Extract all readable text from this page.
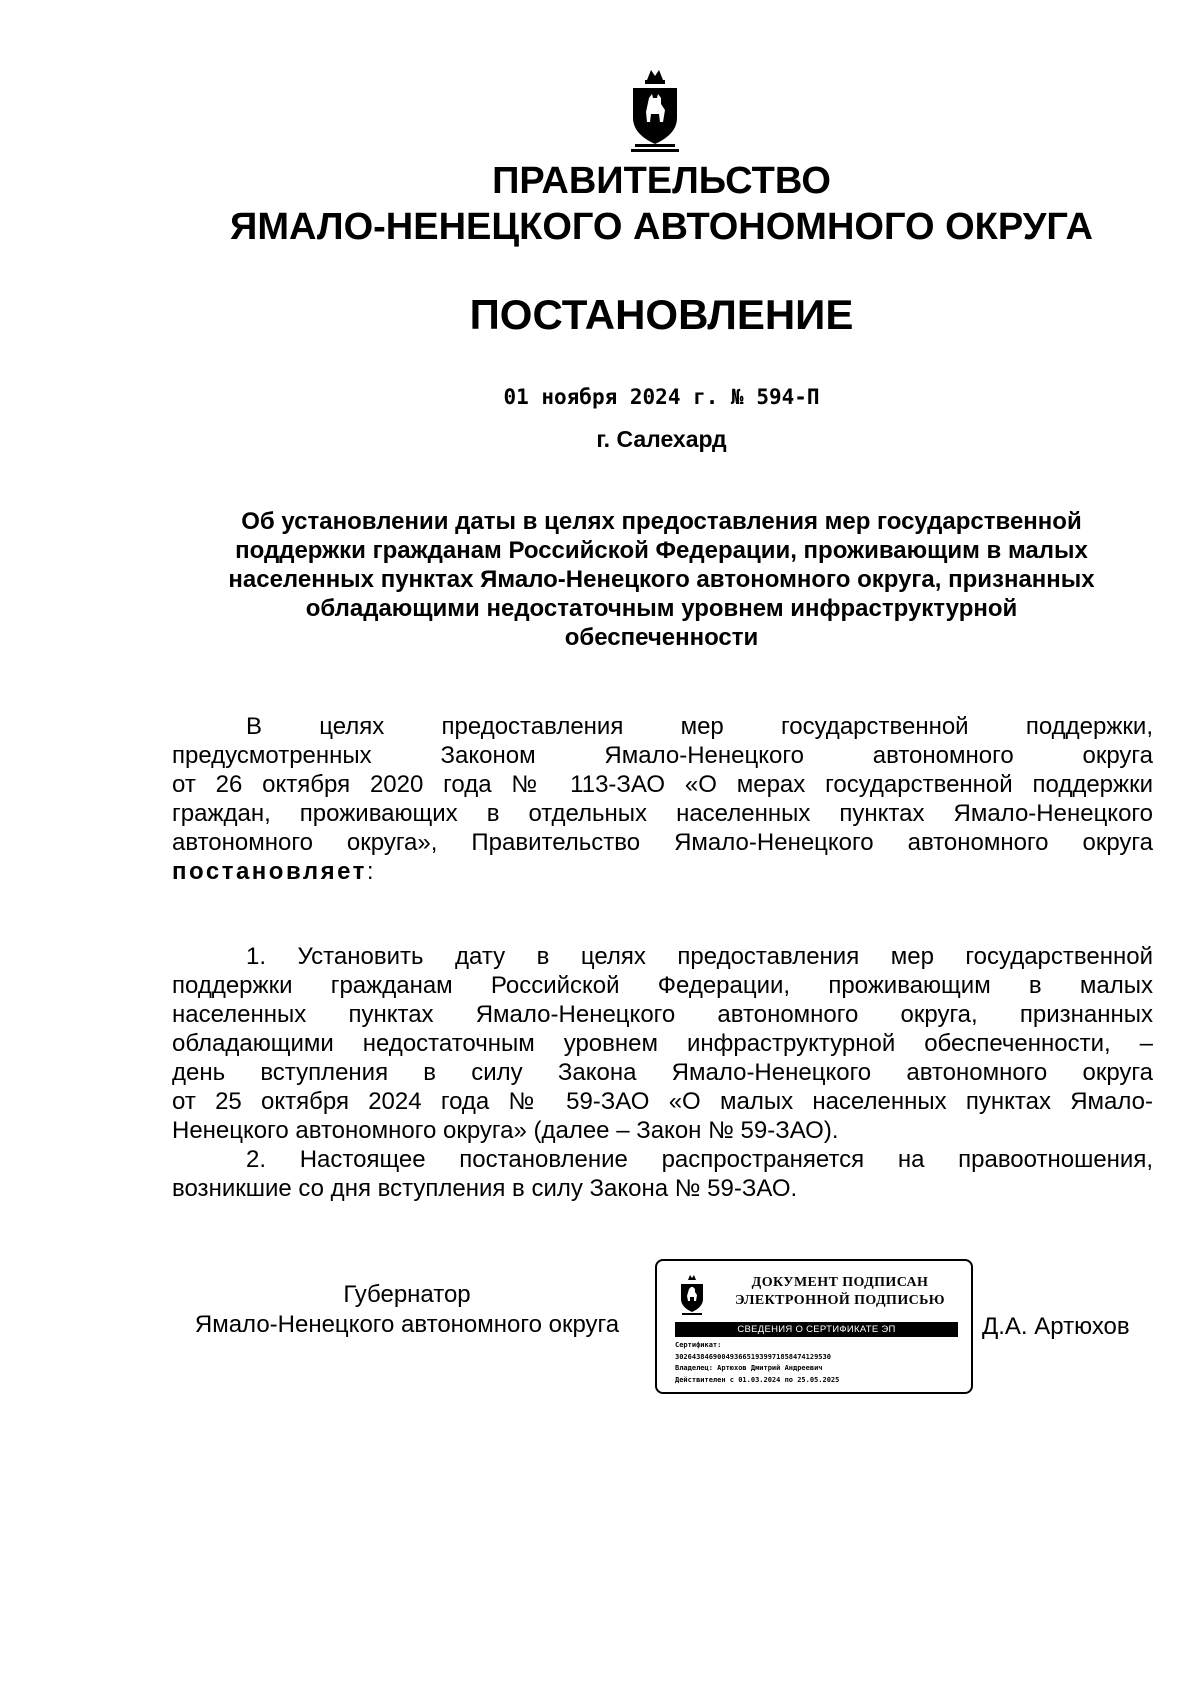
ПРАВИТЕЛЬСТВО
ЯМАЛО-НЕНЕЦКОГО АВТОНОМНОГО ОКРУГА
ПОСТАНОВЛЕНИЕ
01 ноября 2024 г. № 594-П
г. Салехард
Об установлении даты в целях предоставления мер государственной
поддержки гражданам Российской Федерации, проживающим в малых
населенных пунктах Ямало-Ненецкого автономного округа, признанных
обладающими недостаточным уровнем инфраструктурной
обеспеченности
В целях предоставления мер государственной поддержки,
предусмотренных Законом Ямало-Ненецкого автономного округа
от 26 октября 2020 года № 113-ЗАО «О мерах государственной поддержки
граждан, проживающих в отдельных населенных пунктах Ямало-Ненецкого
автономного округа», Правительство Ямало-Ненецкого автономного округа
постановляет:
1. Установить дату в целях предоставления мер государственной
поддержки гражданам Российской Федерации, проживающим в малых
населенных пунктах Ямало-Ненецкого автономного округа, признанных
обладающими недостаточным уровнем инфраструктурной обеспеченности, –
день вступления в силу Закона Ямало-Ненецкого автономного округа
от 25 октября 2024 года № 59-ЗАО «О малых населенных пунктах Ямало-
Ненецкого автономного округа» (далее – Закон № 59-ЗАО).
2. Настоящее постановление распространяется на правоотношения,
возникшие со дня вступления в силу Закона № 59-ЗАО.
Губернатор
Ямало-Ненецкого автономного округа
ДОКУМЕНТ ПОДПИСАН
ЭЛЕКТРОННОЙ ПОДПИСЬЮ
СВЕДЕНИЯ О СЕРТИФИКАТЕ ЭП
Сертификат:
3026438469004936651939971858474129530
Владелец: Артюхов Дмитрий Андреевич
Действителен с 01.03.2024 по 25.05.2025
Д.А. Артюхов
